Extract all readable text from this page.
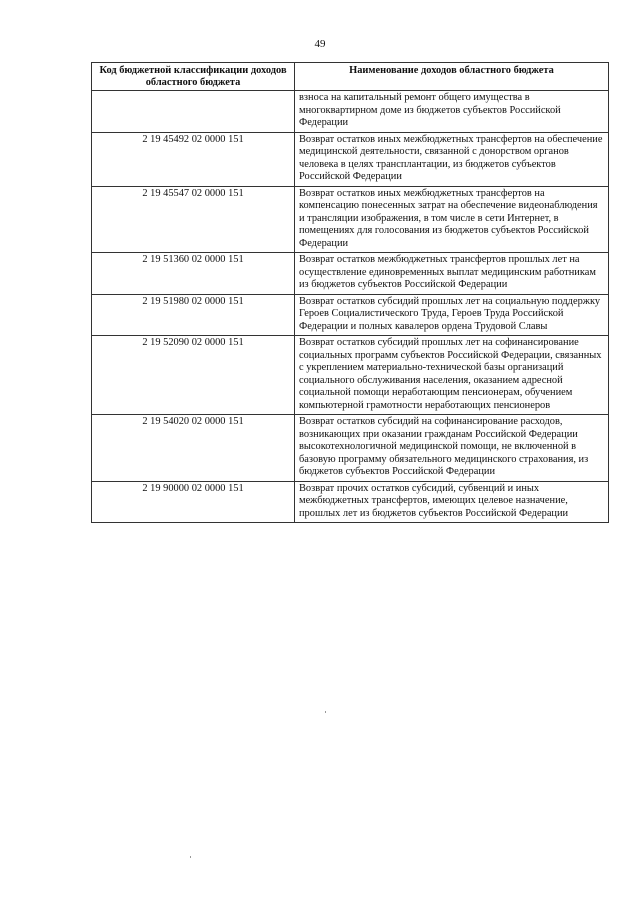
49
Код бюджетной классификации доходов областного бюджета	Наименование доходов областного бюджета
	взноса на капитальный ремонт общего имущества в многоквартирном доме из бюджетов субъектов Российской Федерации
2 19 45492 02 0000 151	Возврат остатков иных межбюджетных трансфертов на обеспечение медицинской деятельности, связанной с донорством органов человека в целях трансплантации, из бюджетов субъектов Российской Федерации
2 19 45547 02 0000 151	Возврат остатков иных межбюджетных трансфертов на компенсацию понесенных затрат на обеспечение видеонаблюдения и трансляции изображения, в том числе в сети Интернет, в помещениях для голосования из бюджетов субъектов Российской Федерации
2 19 51360 02 0000 151	Возврат остатков межбюджетных трансфертов прошлых лет на осуществление единовременных выплат медицинским работникам из бюджетов субъектов Российской Федерации
2 19 51980 02 0000 151	Возврат остатков субсидий прошлых лет на социальную поддержку Героев Социалистического Труда, Героев Труда Российской Федерации и полных кавалеров ордена Трудовой Славы
2 19 52090 02 0000 151	Возврат остатков субсидий прошлых лет на софинансирование социальных программ субъектов Российской Федерации, связанных с укреплением материально-технической базы организаций социального обслуживания населения, оказанием адресной социальной помощи неработающим пенсионерам, обучением компьютерной грамотности неработающих пенсионеров
2 19 54020 02 0000 151	Возврат остатков субсидий на софинансирование расходов, возникающих при оказании гражданам Российской Федерации высокотехнологичной медицинской помощи, не включенной в базовую программу обязательного медицинского страхования, из бюджетов субъектов Российской Федерации
2 19 90000 02 0000 151	Возврат прочих остатков субсидий, субвенций и иных межбюджетных трансфертов, имеющих целевое назначение, прошлых лет из бюджетов субъектов Российской Федерации
